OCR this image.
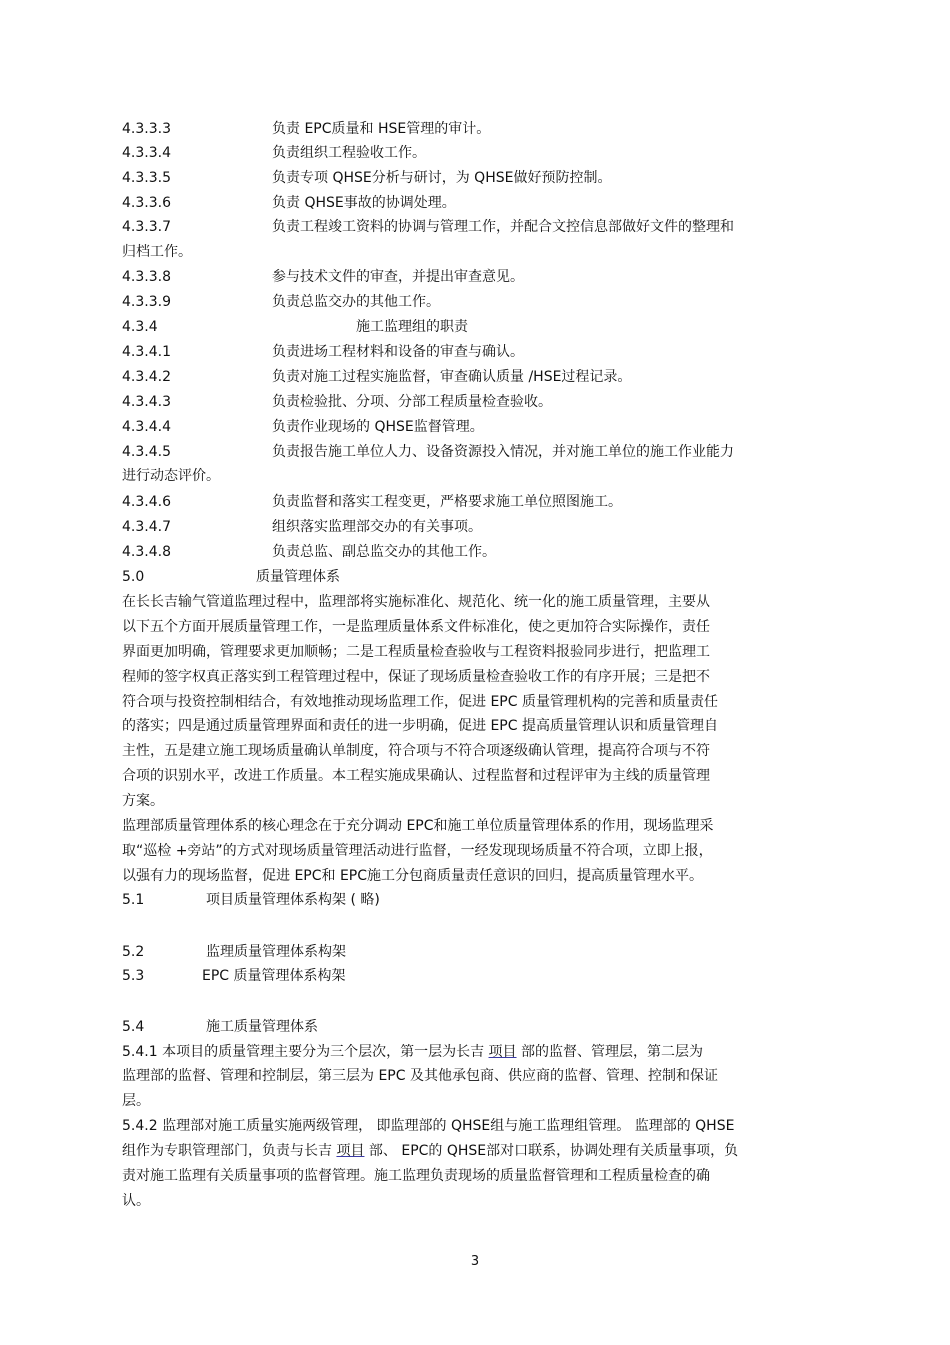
4.3.3.3	负责 EPC质量和 HSE管理的审计。
4.3.3.4	负责组织工程验收工作。
4.3.3.5	负责专项 QHSE分析与研讨，为 QHSE做好预防控制。
4.3.3.6	负责 QHSE事故的协调处理。
4.3.3.7	负责工程竣工资料的协调与管理工作，并配合文控信息部做好文件的整理和
归档工作。
4.3.3.8	参与技术文件的审查，并提出审查意见。
4.3.3.9	负责总监交办的其他工作。
4.3.4	施工监理组的职责
4.3.4.1	负责进场工程材料和设备的审查与确认。
4.3.4.2	负责对施工过程实施监督，审查确认质量 /HSE过程记录。
4.3.4.3	负责检验批、分项、分部工程质量检查验收。
4.3.4.4	负责作业现场的 QHSE监督管理。
4.3.4.5	负责报告施工单位人力、设备资源投入情况，并对施工单位的施工作业能力
进行动态评价。
4.3.4.6	负责监督和落实工程变更，严格要求施工单位照图施工。
4.3.4.7	组织落实监理部交办的有关事项。
4.3.4.8	负责总监、副总监交办的其他工作。
5.0	质量管理体系
在长长吉输气管道监理过程中，监理部将实施标准化、规范化、统一化的施工质量管理，主要从
以下五个方面开展质量管理工作，一是监理质量体系文件标准化，使之更加符合实际操作，责任
界面更加明确，管理要求更加顺畅；二是工程质量检查验收与工程资料报验同步进行，把监理工
程师的签字权真正落实到工程管理过程中，保证了现场质量检查验收工作的有序开展；三是把不
符合项与投资控制相结合，有效地推动现场监理工作，促进 EPC 质量管理机构的完善和质量责任
的落实；四是通过质量管理界面和责任的进一步明确，促进 EPC 提高质量管理认识和质量管理自
主性，五是建立施工现场质量确认单制度，符合项与不符合项逐级确认管理，提高符合项与不符
合项的识别水平，改进工作质量。本工程实施成果确认、过程监督和过程评审为主线的质量管理
方案。
监理部质量管理体系的核心理念在于充分调动 EPC和施工单位质量管理体系的作用，现场监理采
取“巡检 +旁站”的方式对现场质量管理活动进行监督，一经发现现场质量不符合项，立即上报，
以强有力的现场监督，促进 EPC和 EPC施工分包商质量责任意识的回归，提高质量管理水平。
5.1	项目质量管理体系构架 ( 略)
5.2	监理质量管理体系构架
5.3	EPC 质量管理体系构架
5.4	施工质量管理体系
5.4.1 本项目的质量管理主要分为三个层次，第一层为长吉 项目 部的监督、管理层，第二层为
监理部的监督、管理和控制层，第三层为 EPC 及其他承包商、供应商的监督、管理、控制和保证
层。
5.4.2 监理部对施工质量实施两级管理， 即监理部的 QHSE组与施工监理组管理。 监理部的 QHSE
组作为专职管理部门，负责与长吉 项目 部、 EPC的 QHSE部对口联系，协调处理有关质量事项，负
责对施工监理有关质量事项的监督管理。施工监理负责现场的质量监督管理和工程质量检查的确
认。
3
